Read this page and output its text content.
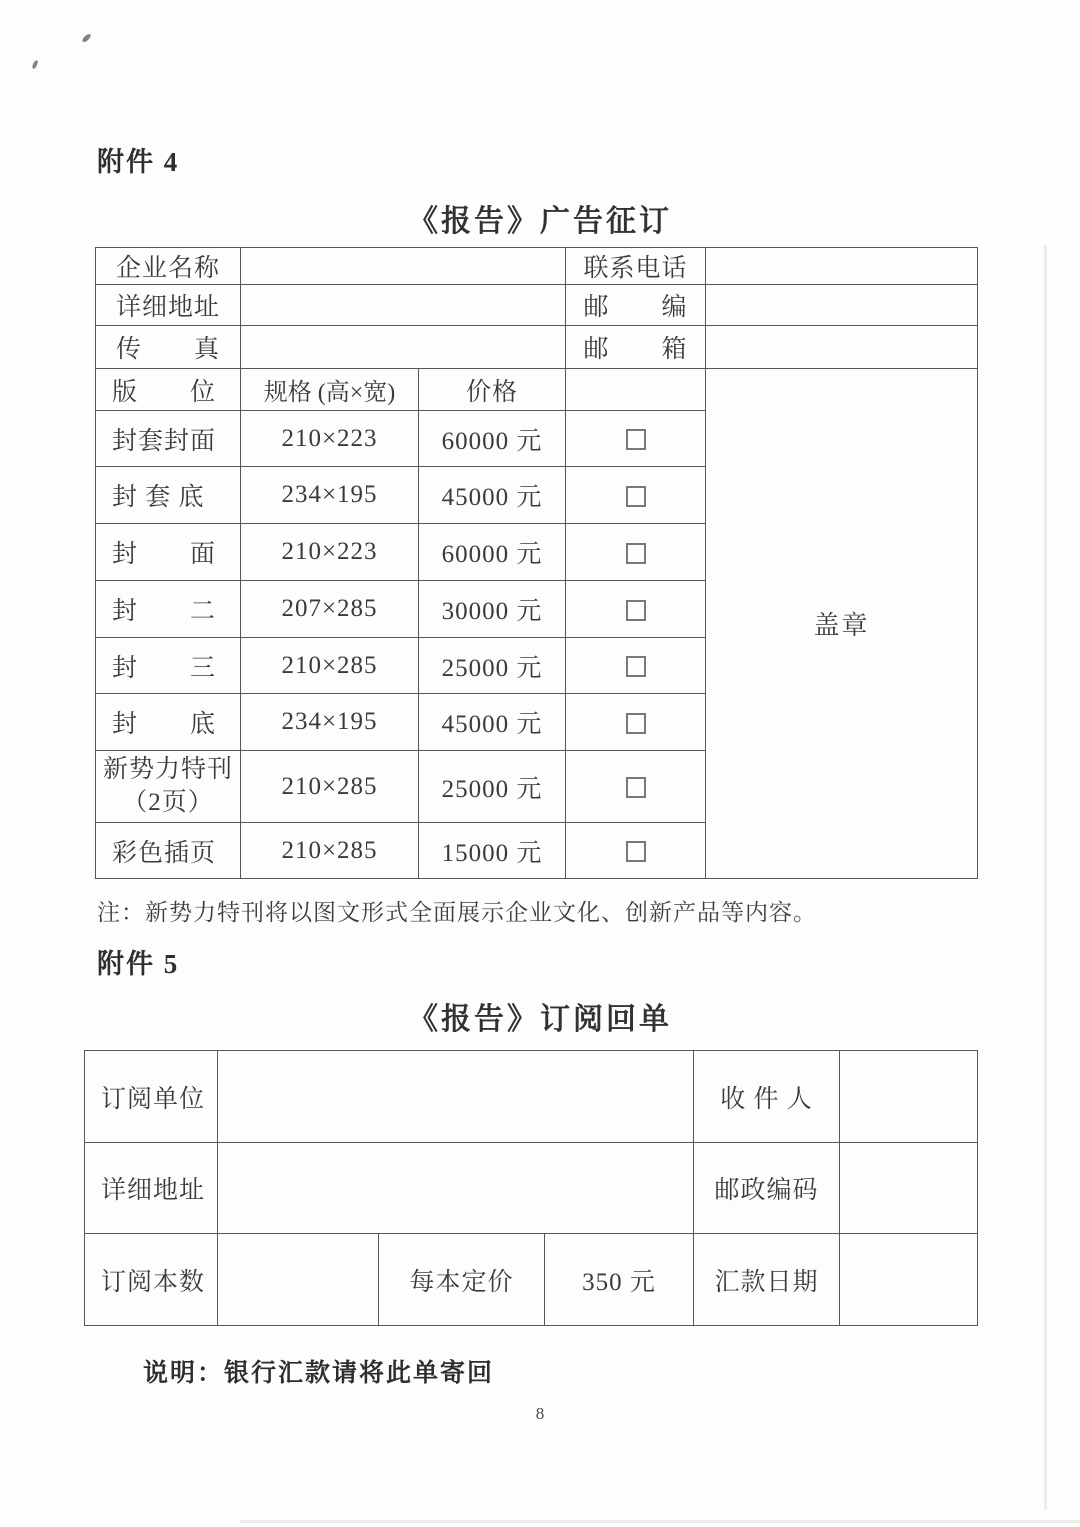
附件 4
《报告》广告征订
企业名称			联系电话	
详细地址			邮　　编	
传　　真			邮　　箱	
版　　位	规格 (高×宽)	价格		盖章
封套封面	210×223	60000 元		
封 套 底	234×195	45000 元		
封　　面	210×223	60000 元		
封　　二	207×285	30000 元		
封　　三	210×285	25000 元		
封　　底	234×195	45000 元		

新势力特刊
（2页）	210×285	25000 元		
彩色插页	210×285	15000 元		
注：新势力特刊将以图文形式全面展示企业文化、创新产品等内容。
附件 5
《报告》订阅回单
订阅单位				收 件 人	
详细地址				邮政编码	
订阅本数		每本定价	350 元	汇款日期	
说明：银行汇款请将此单寄回
8
